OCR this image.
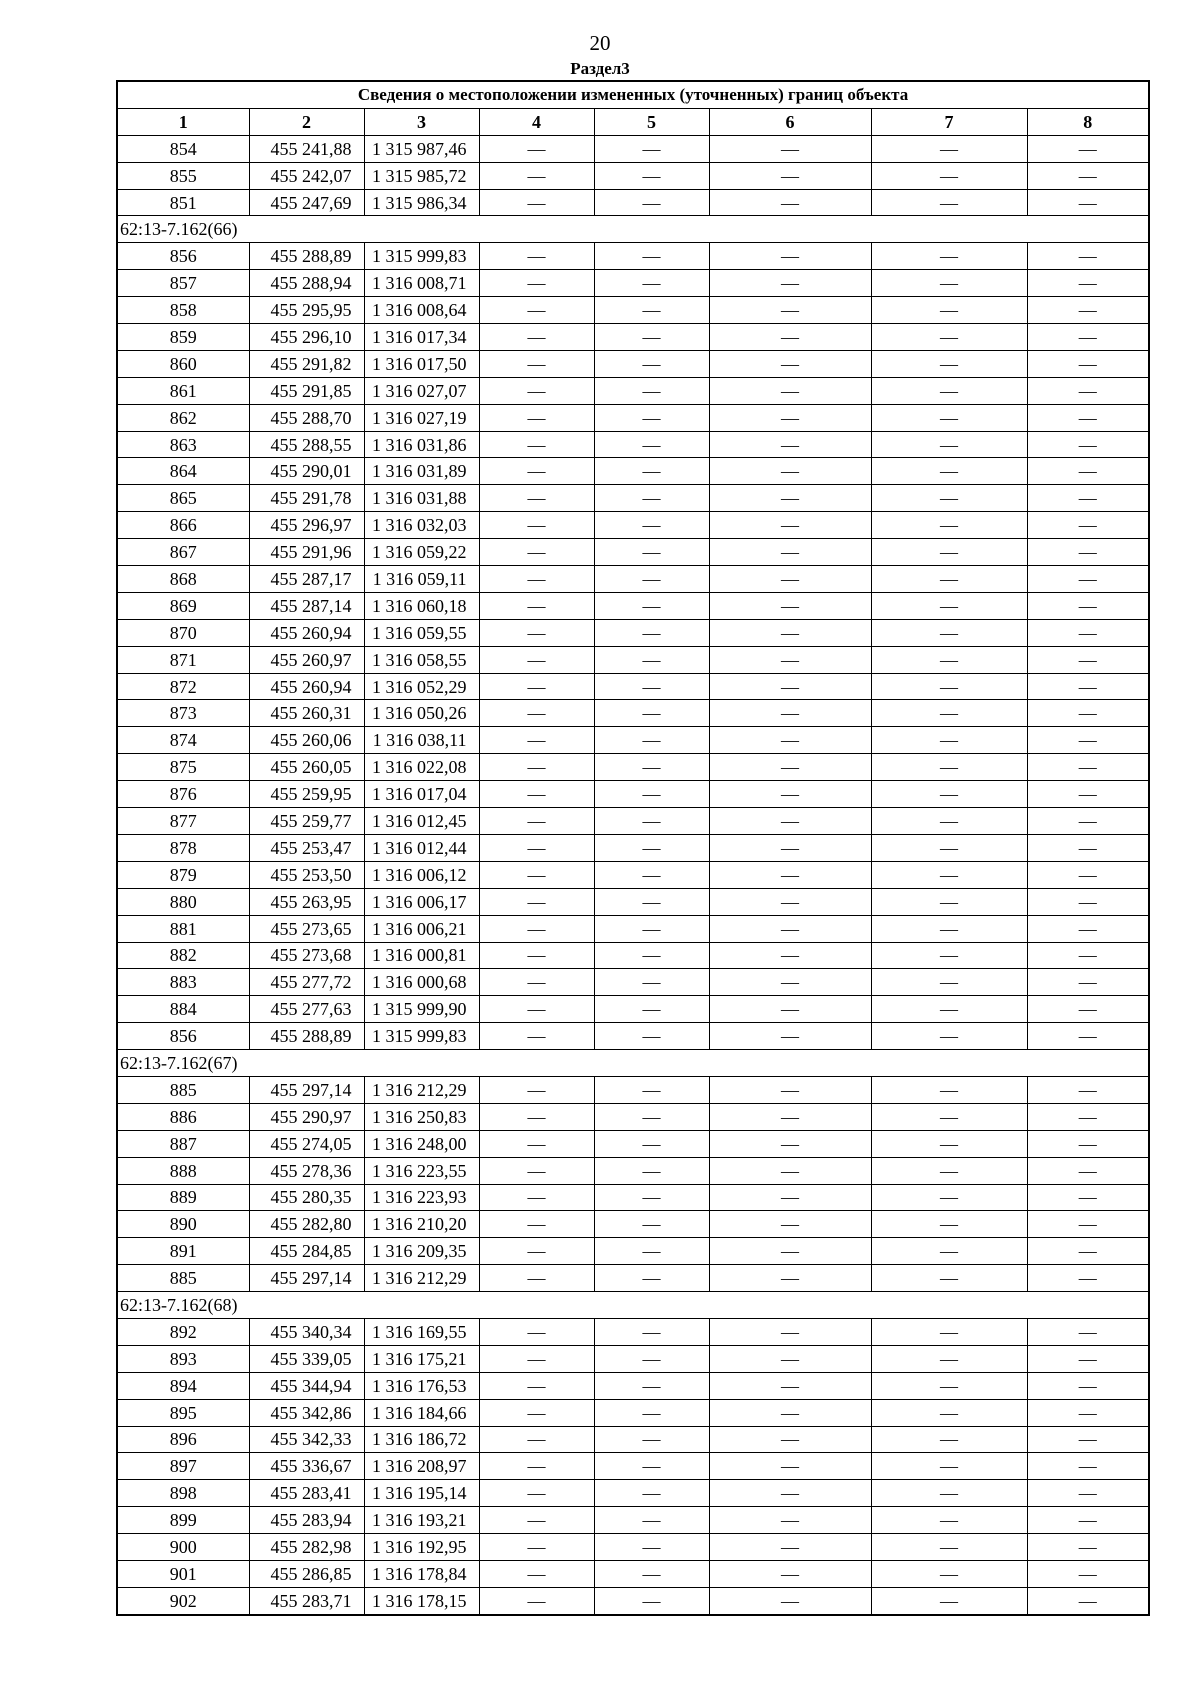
20
Раздел3
Сведения о местоположении измененных (уточненных) границ объекта							
1	2	3	4	5	6	7	8
854	455 241,88	1 315 987,46	—	—	—	—	—
855	455 242,07	1 315 985,72	—	—	—	—	—
851	455 247,69	1 315 986,34	—	—	—	—	—
62:13-7.162(66)							
856	455 288,89	1 315 999,83	—	—	—	—	—
857	455 288,94	1 316 008,71	—	—	—	—	—
858	455 295,95	1 316 008,64	—	—	—	—	—
859	455 296,10	1 316 017,34	—	—	—	—	—
860	455 291,82	1 316 017,50	—	—	—	—	—
861	455 291,85	1 316 027,07	—	—	—	—	—
862	455 288,70	1 316 027,19	—	—	—	—	—
863	455 288,55	1 316 031,86	—	—	—	—	—
864	455 290,01	1 316 031,89	—	—	—	—	—
865	455 291,78	1 316 031,88	—	—	—	—	—
866	455 296,97	1 316 032,03	—	—	—	—	—
867	455 291,96	1 316 059,22	—	—	—	—	—
868	455 287,17	1 316 059,11	—	—	—	—	—
869	455 287,14	1 316 060,18	—	—	—	—	—
870	455 260,94	1 316 059,55	—	—	—	—	—
871	455 260,97	1 316 058,55	—	—	—	—	—
872	455 260,94	1 316 052,29	—	—	—	—	—
873	455 260,31	1 316 050,26	—	—	—	—	—
874	455 260,06	1 316 038,11	—	—	—	—	—
875	455 260,05	1 316 022,08	—	—	—	—	—
876	455 259,95	1 316 017,04	—	—	—	—	—
877	455 259,77	1 316 012,45	—	—	—	—	—
878	455 253,47	1 316 012,44	—	—	—	—	—
879	455 253,50	1 316 006,12	—	—	—	—	—
880	455 263,95	1 316 006,17	—	—	—	—	—
881	455 273,65	1 316 006,21	—	—	—	—	—
882	455 273,68	1 316 000,81	—	—	—	—	—
883	455 277,72	1 316 000,68	—	—	—	—	—
884	455 277,63	1 315 999,90	—	—	—	—	—
856	455 288,89	1 315 999,83	—	—	—	—	—
62:13-7.162(67)							
885	455 297,14	1 316 212,29	—	—	—	—	—
886	455 290,97	1 316 250,83	—	—	—	—	—
887	455 274,05	1 316 248,00	—	—	—	—	—
888	455 278,36	1 316 223,55	—	—	—	—	—
889	455 280,35	1 316 223,93	—	—	—	—	—
890	455 282,80	1 316 210,20	—	—	—	—	—
891	455 284,85	1 316 209,35	—	—	—	—	—
885	455 297,14	1 316 212,29	—	—	—	—	—
62:13-7.162(68)							
892	455 340,34	1 316 169,55	—	—	—	—	—
893	455 339,05	1 316 175,21	—	—	—	—	—
894	455 344,94	1 316 176,53	—	—	—	—	—
895	455 342,86	1 316 184,66	—	—	—	—	—
896	455 342,33	1 316 186,72	—	—	—	—	—
897	455 336,67	1 316 208,97	—	—	—	—	—
898	455 283,41	1 316 195,14	—	—	—	—	—
899	455 283,94	1 316 193,21	—	—	—	—	—
900	455 282,98	1 316 192,95	—	—	—	—	—
901	455 286,85	1 316 178,84	—	—	—	—	—
902	455 283,71	1 316 178,15	—	—	—	—	—
